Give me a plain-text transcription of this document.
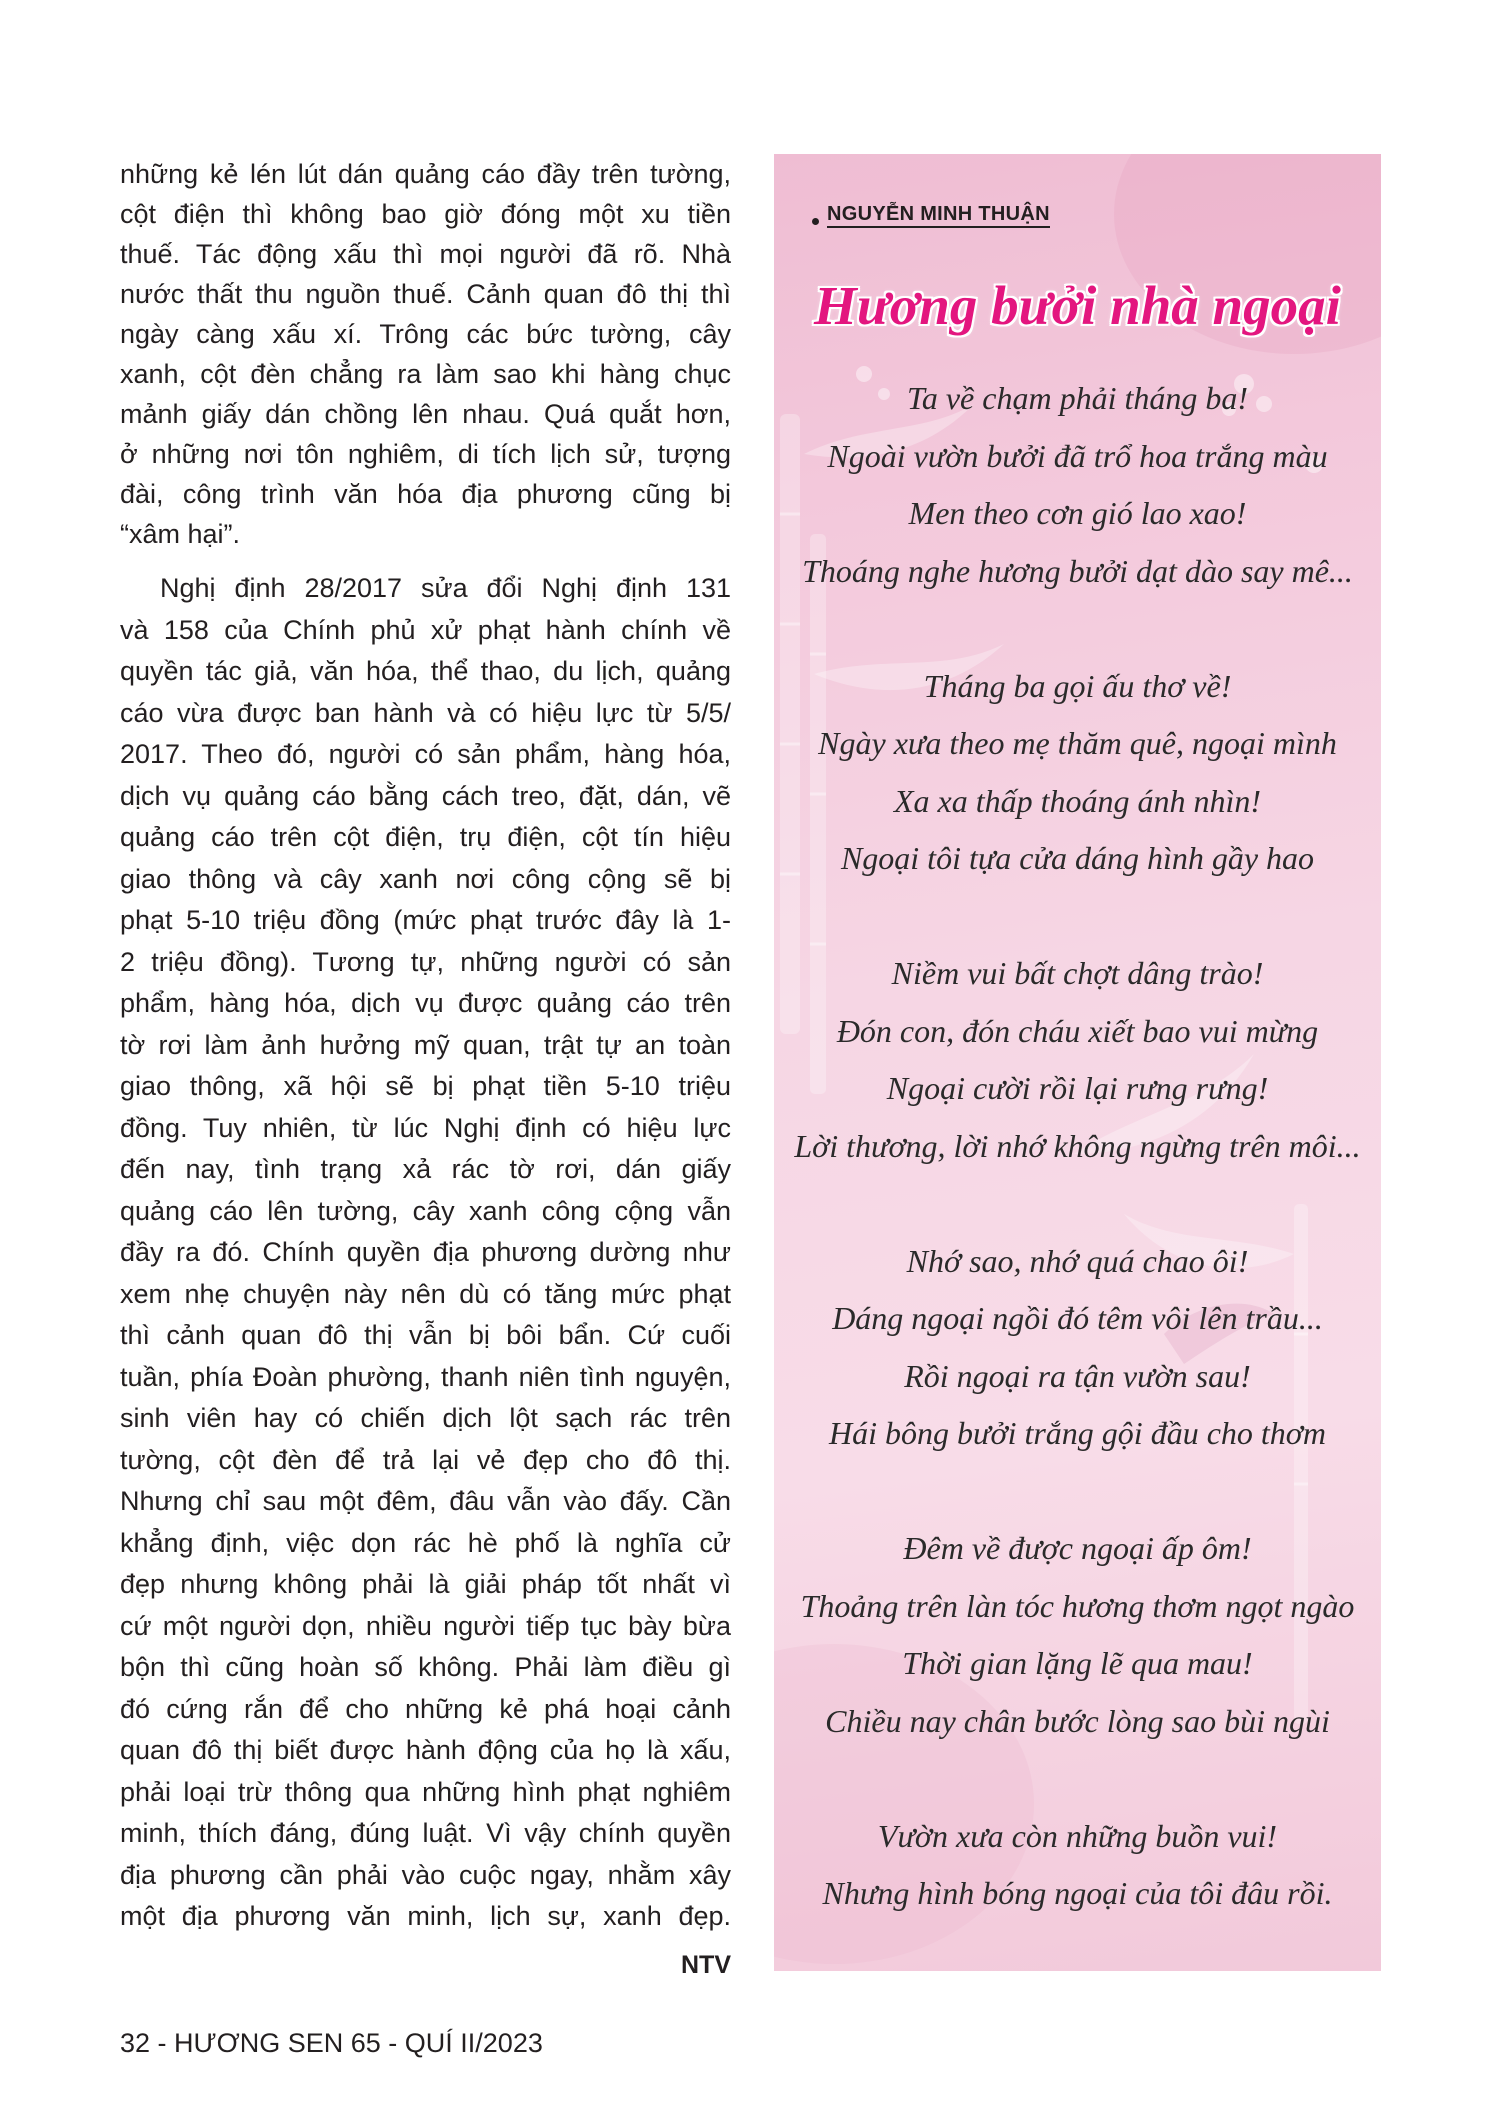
những kẻ lén lút dán quảng cáo đầy trên tường,
cột điện thì không bao giờ đóng một xu tiền
thuế. Tác động xấu thì mọi người đã rõ. Nhà
nước thất thu nguồn thuế. Cảnh quan đô thị thì
ngày càng xấu xí. Trông các bức tường, cây
xanh, cột đèn chẳng ra làm sao khi hàng chục
mảnh giấy dán chồng lên nhau. Quá quắt hơn,
ở những nơi tôn nghiêm, di tích lịch sử, tượng
đài, công trình văn hóa địa phương cũng bị
“xâm hại”.
Nghị định 28/2017 sửa đổi Nghị định 131
và 158 của Chính phủ xử phạt hành chính về
quyền tác giả, văn hóa, thể thao, du lịch, quảng
cáo vừa được ban hành và có hiệu lực từ 5/5/
2017. Theo đó, người có sản phẩm, hàng hóa,
dịch vụ quảng cáo bằng cách treo, đặt, dán, vẽ
quảng cáo trên cột điện, trụ điện, cột tín hiệu
giao thông và cây xanh nơi công cộng sẽ bị
phạt 5-10 triệu đồng (mức phạt trước đây là 1-
2 triệu đồng). Tương tự, những người có sản
phẩm, hàng hóa, dịch vụ được quảng cáo trên
tờ rơi làm ảnh hưởng mỹ quan, trật tự an toàn
giao thông, xã hội sẽ bị phạt tiền 5-10 triệu
đồng. Tuy nhiên, từ lúc Nghị định có hiệu lực
đến nay, tình trạng xả rác tờ rơi, dán giấy
quảng cáo lên tường, cây xanh công cộng vẫn
đầy ra đó. Chính quyền địa phương dường như
xem nhẹ chuyện này nên dù có tăng mức phạt
thì cảnh quan đô thị vẫn bị bôi bẩn. Cứ cuối
tuần, phía Đoàn phường, thanh niên tình nguyện,
sinh viên hay có chiến dịch lột sạch rác trên
tường, cột đèn để trả lại vẻ đẹp cho đô thị.
Nhưng chỉ sau một đêm, đâu vẫn vào đấy. Cần
khẳng định, việc dọn rác hè phố là nghĩa cử
đẹp nhưng không phải là giải pháp tốt nhất vì
cứ một người dọn, nhiều người tiếp tục bày bừa
bộn thì cũng hoàn số không. Phải làm điều gì
đó cứng rắn để cho những kẻ phá hoại cảnh
quan đô thị biết được hành động của họ là xấu,
phải loại trừ thông qua những hình phạt nghiêm
minh, thích đáng, đúng luật. Vì vậy chính quyền
địa phương cần phải vào cuộc ngay, nhằm xây
một địa phương văn minh, lịch sự, xanh đẹp.
NTV
NGUYỄN MINH THUẬN
Hương bưởi nhà ngoại
Ta về chạm phải tháng ba!
Ngoài vườn bưởi đã trổ hoa trắng màu
Men theo cơn gió lao xao!
Thoáng nghe hương bưởi dạt dào say mê...
Tháng ba gọi ấu thơ về!
Ngày xưa theo mẹ thăm quê, ngoại mình
Xa xa thấp thoáng ánh nhìn!
Ngoại tôi tựa cửa dáng hình gầy hao
Niềm vui bất chợt dâng trào!
Đón con, đón cháu xiết bao vui mừng
Ngoại cười rồi lại rưng rưng!
Lời thương, lời nhớ không ngừng trên môi...
Nhớ sao, nhớ quá chao ôi!
Dáng ngoại ngồi đó têm vôi lên trầu...
Rồi ngoại ra tận vườn sau!
Hái bông bưởi trắng gội đầu cho thơm
Đêm về được ngoại ấp ôm!
Thoảng trên làn tóc hương thơm ngọt ngào
Thời gian lặng lẽ qua mau!
Chiều nay chân bước lòng sao bùi ngùi
Vườn xưa còn những buồn vui!
Nhưng hình bóng ngoại của tôi đâu rồi.
32 - HƯƠNG SEN 65 - QUÍ II/2023
